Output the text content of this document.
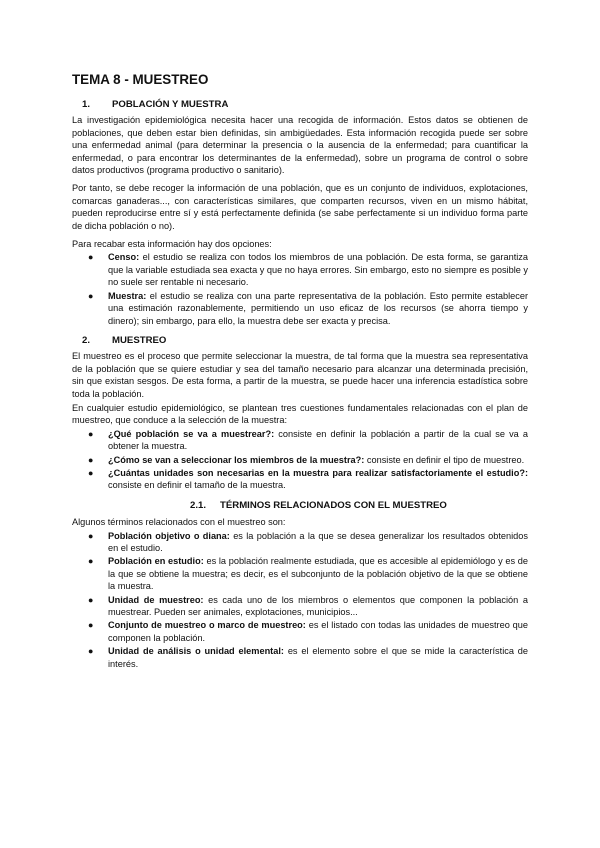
TEMA 8 - MUESTREO
1.	POBLACIÓN Y MUESTRA

La investigación epidemiológica necesita hacer una recogida de información. Estos datos se obtienen de poblaciones, que deben estar bien definidas, sin ambigüedades. Esta información recogida puede ser sobre una enfermedad animal (para determinar la presencia o la ausencia de la enfermedad; para cuantificar la enfermedad, o para encontrar los determinantes de la enfermedad), sobre un programa de control o sobre datos productivos (programa productivo o sanitario).

Por tanto, se debe recoger la información de una población, que es un conjunto de individuos, explotaciones, comarcas ganaderas..., con características similares, que comparten recursos, viven en un mismo hábitat, pueden reproducirse entre sí y está perfectamente definida (se sabe perfectamente si un individuo forma parte de dicha población o no).

Para recabar esta información hay dos opciones:

● Censo: el estudio se realiza con todos los miembros de una población. De esta forma, se garantiza que la variable estudiada sea exacta y que no haya errores. Sin embargo, esto no siempre es posible y no suele ser rentable ni necesario.
● Muestra: el estudio se realiza con una parte representativa de la población. Esto permite establecer una estimación razonablemente, permitiendo un uso eficaz de los recursos (se ahorra tiempo y dinero); sin embargo, para ello, la muestra debe ser exacta y precisa.
2.	MUESTREO

El muestreo es el proceso que permite seleccionar la muestra, de tal forma que la muestra sea representativa de la población que se quiere estudiar y sea del tamaño necesario para alcanzar una determinada precisión, sin que existan sesgos. De esta forma, a partir de la muestra, se puede hacer una inferencia estadística sobre toda la población.

En cualquier estudio epidemiológico, se plantean tres cuestiones fundamentales relacionadas con el plan de muestreo, que conduce a la selección de la muestra:

● ¿Qué población se va a muestrear?: consiste en definir la población a partir de la cual se va a obtener la muestra.
● ¿Cómo se van a seleccionar los miembros de la muestra?: consiste en definir el tipo de muestreo.
● ¿Cuántas unidades son necesarias en la muestra para realizar satisfactoriamente el estudio?: consiste en definir el tamaño de la muestra.
2.1.	TÉRMINOS RELACIONADOS CON EL MUESTREO

Algunos términos relacionados con el muestreo son:

● Población objetivo o diana: es la población a la que se desea generalizar los resultados obtenidos en el estudio.
● Población en estudio: es la población realmente estudiada, que es accesible al epidemiólogo y es de la que se obtiene la muestra; es decir, es el subconjunto de la población objetivo de la que se obtiene la muestra.
● Unidad de muestreo: es cada uno de los miembros o elementos que componen la población a muestrear. Pueden ser animales, explotaciones, municipios...
● Conjunto de muestreo o marco de muestreo: es el listado con todas las unidades de muestreo que componen la población.
● Unidad de análisis o unidad elemental: es el elemento sobre el que se mide la característica de interés.
